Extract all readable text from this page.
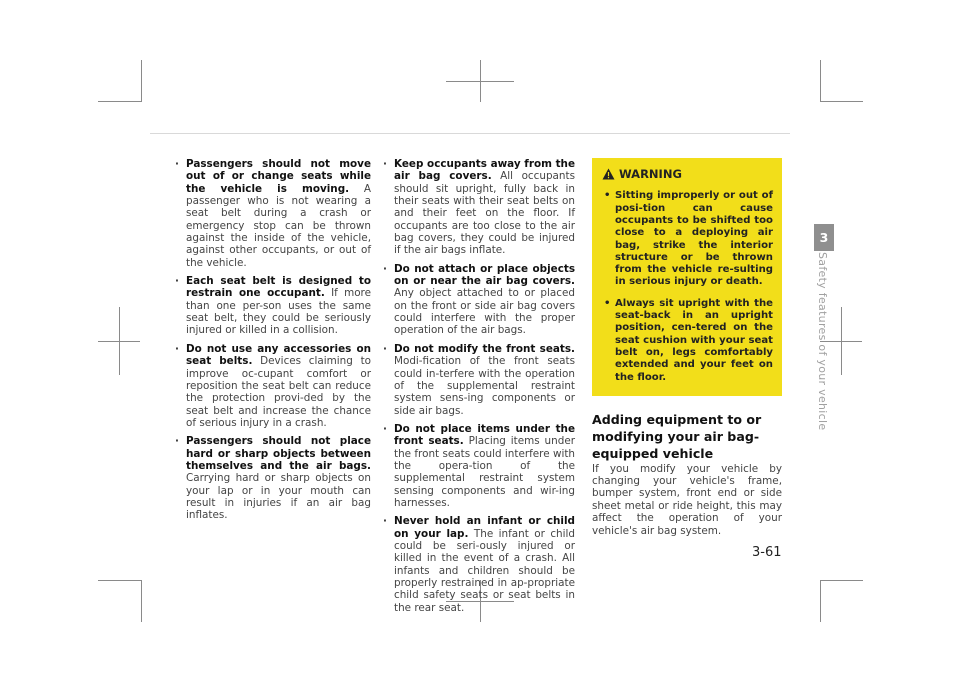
· Passengers should not move out of or change seats while the vehicle is moving. A passenger who is not wearing a seat belt during a crash or emergency stop can be thrown against the inside of the vehicle, against other occupants, or out of the vehicle.
· Each seat belt is designed to restrain one occupant. If more than one per-son uses the same seat belt, they could be seriously injured or killed in a collision.
· Do not use any accessories on seat belts. Devices claiming to improve oc-cupant comfort or reposition the seat belt can reduce the protection provi-ded by the seat belt and increase the chance of serious injury in a crash.
· Passengers should not place hard or sharp objects between themselves and the air bags. Carrying hard or sharp objects on your lap or in your mouth can result in injuries if an air bag inflates.
· Keep occupants away from the air bag covers. All occupants should sit upright, fully back in their seats with their seat belts on and their feet on the floor. If occupants are too close to the air bag covers, they could be injured if the air bags inflate.
· Do not attach or place objects on or near the air bag covers. Any object attached to or placed on the front or side air bag covers could interfere with the proper operation of the air bags.
· Do not modify the front seats. Modi-fication of the front seats could in-terfere with the operation of the supplemental restraint system sens-ing components or side air bags.
· Do not place items under the front seats. Placing items under the front seats could interfere with the opera-tion of the supplemental restraint system sensing components and wir-ing harnesses.
· Never hold an infant or child on your lap. The infant or child could be seri-ously injured or killed in the event of a crash. All infants and children should be properly restrained in ap-propriate child safety seats or seat belts in the rear seat.
WARNING
• Sitting improperly or out of posi-tion can cause occupants to be shifted too close to a deploying air bag, strike the interior structure or be thrown from the vehicle re-sulting in serious injury or death.
• Always sit upright with the seat-back in an upright position, cen-tered on the seat cushion with your seat belt on, legs comfortably extended and your feet on the floor.
Adding equipment to or modifying your air bag-equipped vehicle
If you modify your vehicle by changing your vehicle's frame, bumper system, front end or side sheet metal or ride height, this may affect the operation of your vehicle's air bag system.
3
Safety features of your vehicle
3-61
